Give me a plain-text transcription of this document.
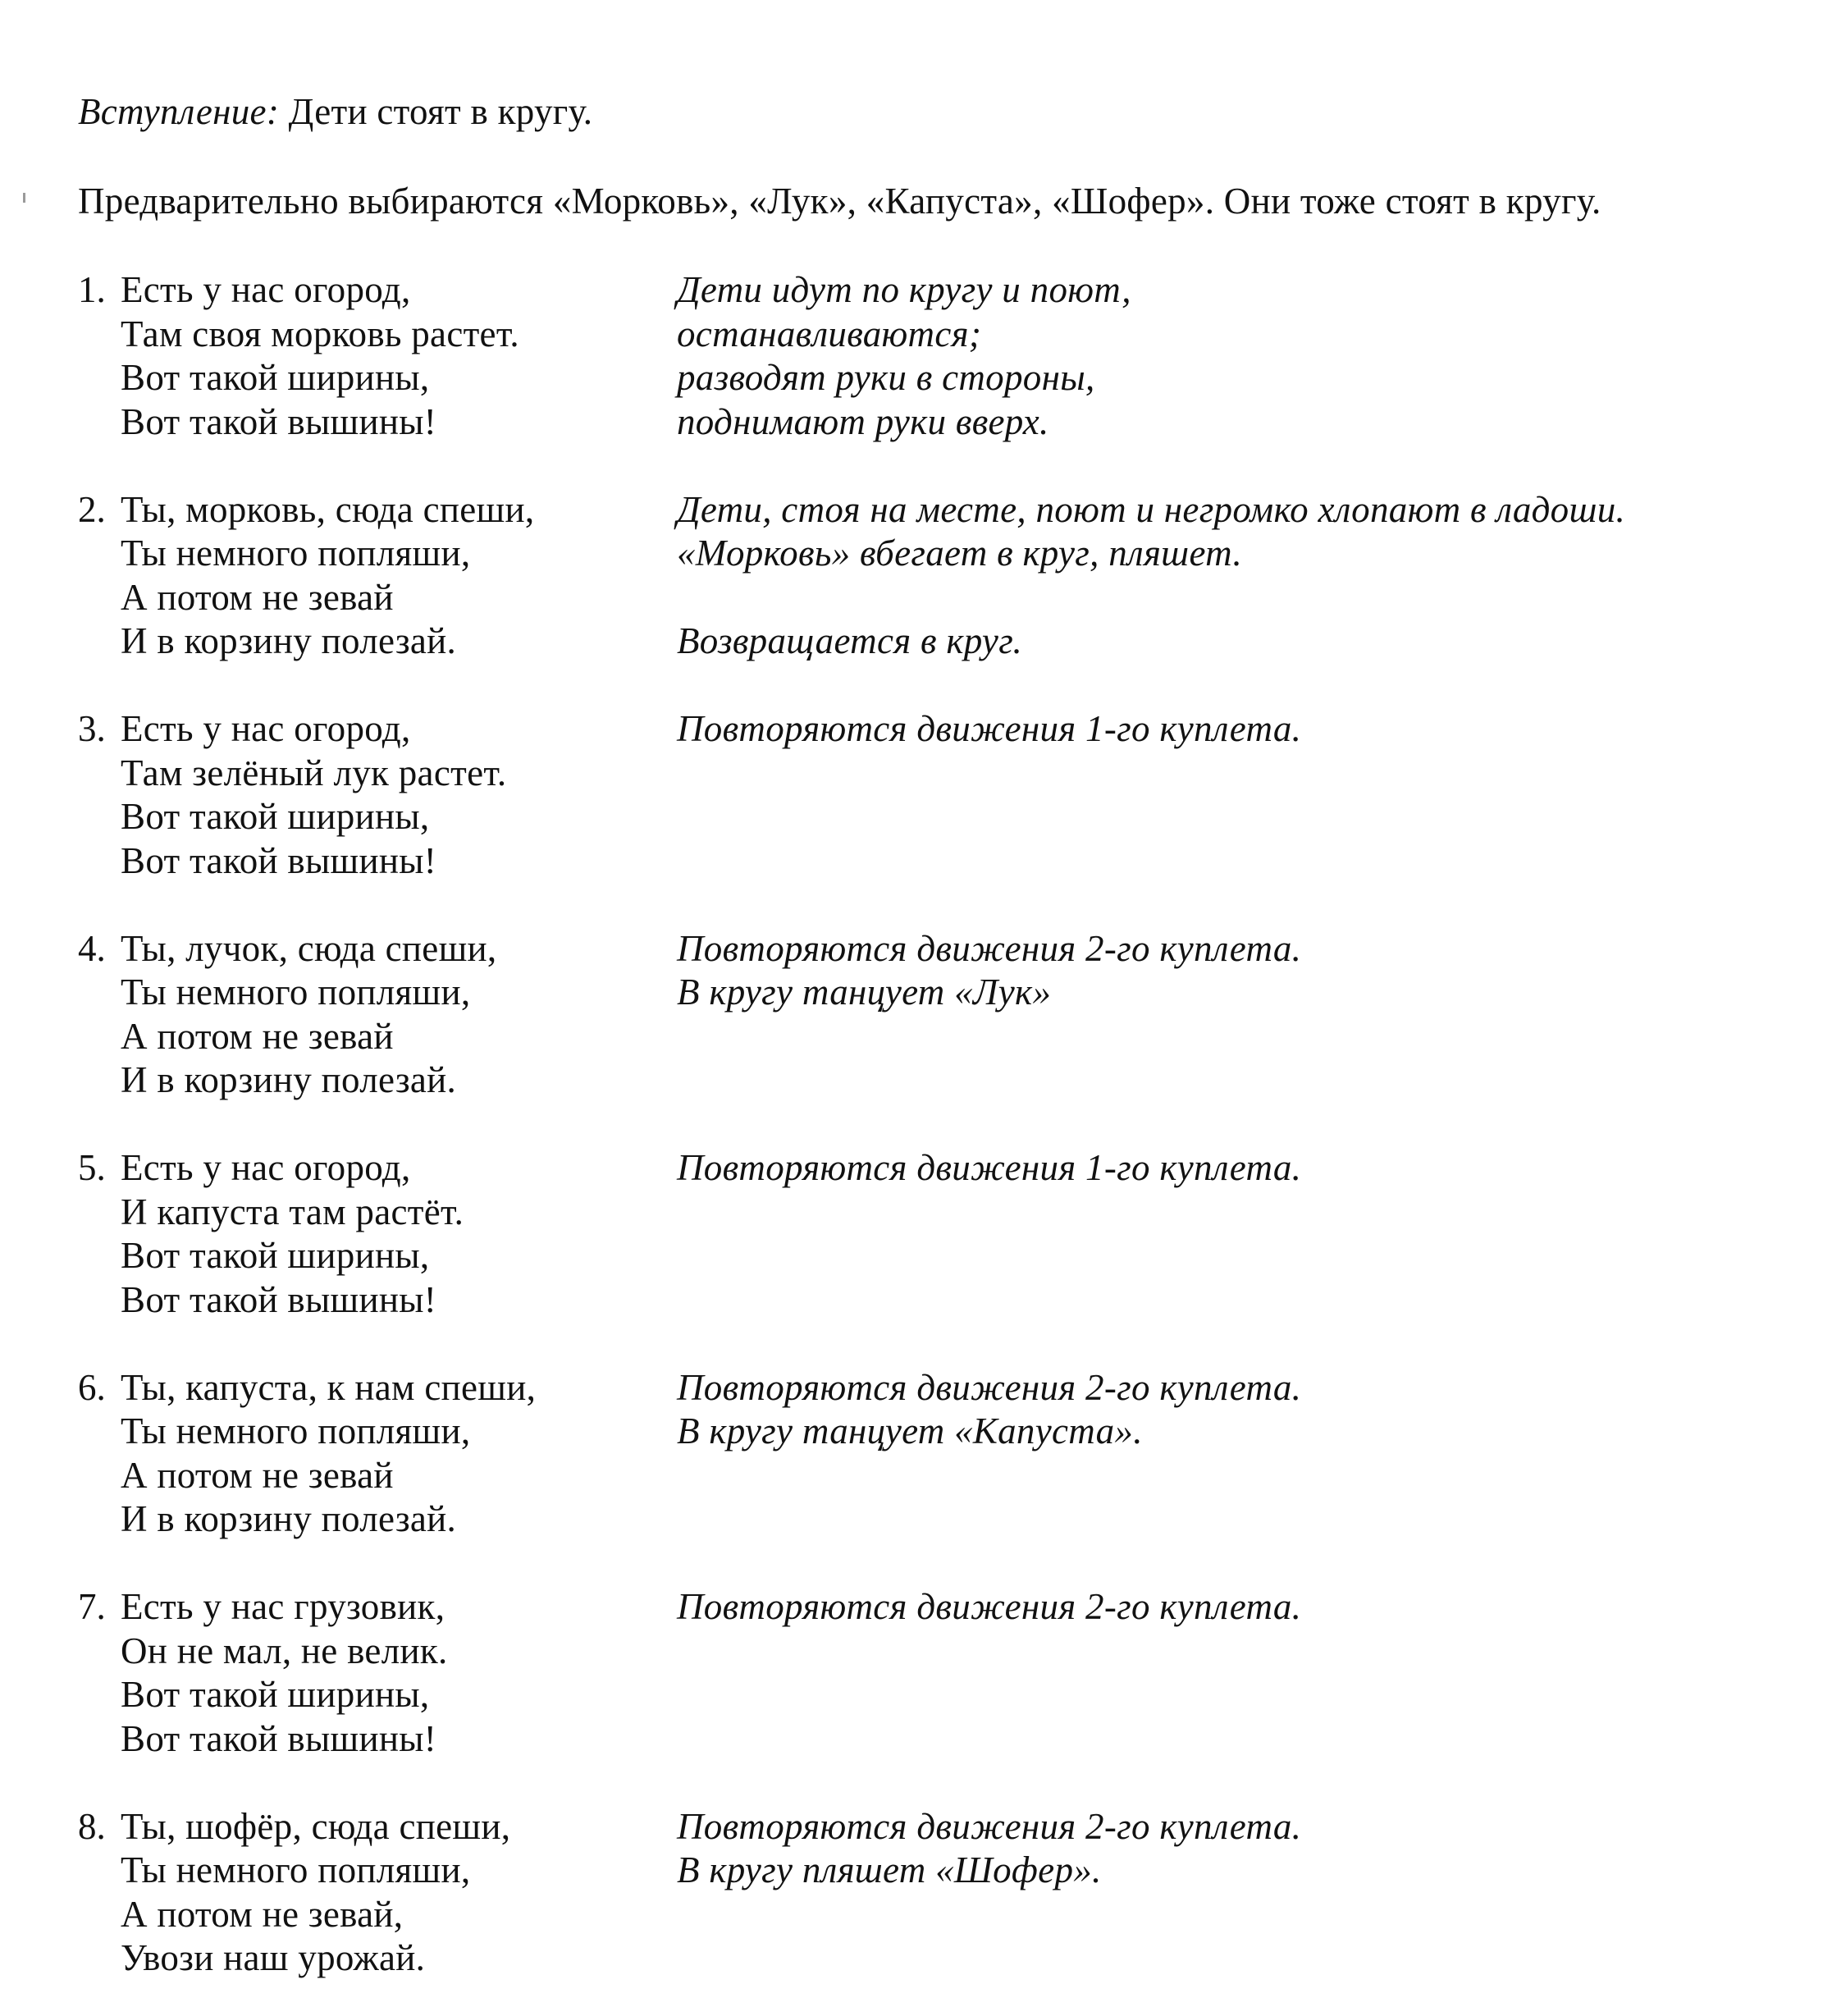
Вступление: Дети стоят в кругу.
Предварительно выбираются «Морковь», «Лук», «Капуста», «Шофер». Они тоже стоят в кругу.
1. Есть у нас огород,
Там своя морковь растет.
Вот такой ширины,
Вот такой вышины!
Дети идут по кругу и поют,
останавливаются;
разводят руки в стороны,
поднимают руки вверх.
2. Ты, морковь, сюда спеши,
Ты немного попляши,
А потом не зевай
И в корзину полезай.
Дети, стоя на месте, поют и негромко хлопают в ладоши.
«Морковь» вбегает в круг, пляшет.
Возвращается в круг.
3. Есть у нас огород,
Там зелёный лук растет.
Вот такой ширины,
Вот такой вышины!
Повторяются движения 1-го куплета.
4. Ты, лучок, сюда спеши,
Ты немного попляши,
А потом не зевай
И в корзину полезай.
Повторяются движения 2-го куплета.
В кругу танцует «Лук»
5. Есть у нас огород,
И капуста там растёт.
Вот такой ширины,
Вот такой вышины!
Повторяются движения 1-го куплета.
6. Ты, капуста, к нам спеши,
Ты немного попляши,
А потом не зевай
И в корзину полезай.
Повторяются движения 2-го куплета.
В кругу танцует «Капуста».
7. Есть у нас грузовик,
Он не мал, не велик.
Вот такой ширины,
Вот такой вышины!
Повторяются движения 2-го куплета.
8. Ты, шофёр, сюда спеши,
Ты немного попляши,
А потом не зевай,
Увози наш урожай.
Повторяются движения 2-го куплета.
В кругу пляшет «Шофер».
